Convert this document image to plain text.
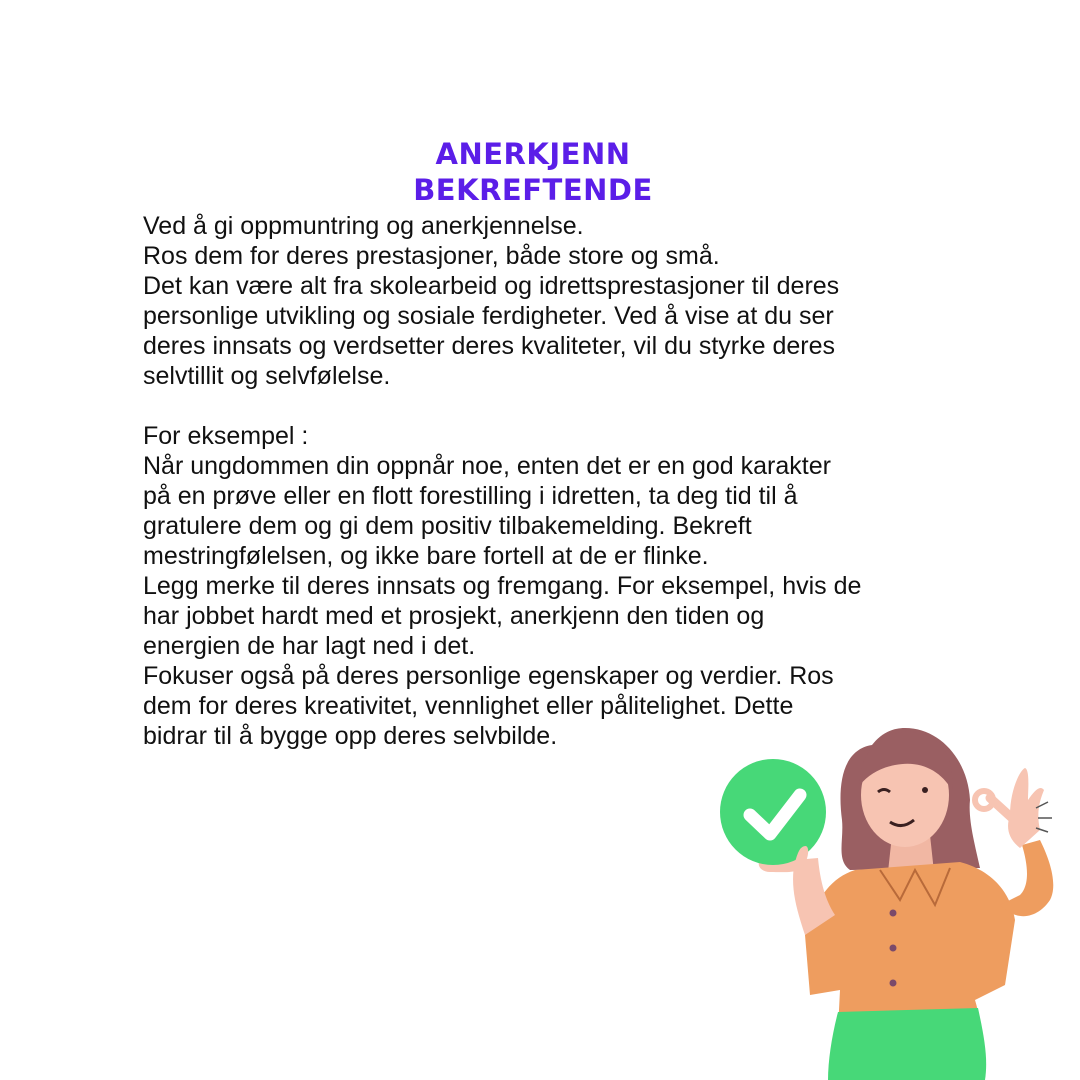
ANERKJENN
BEKREFTENDE
Ved å gi oppmuntring og anerkjennelse.
Ros dem for deres prestasjoner, både store og små.
Det kan være alt fra skolearbeid og idrettsprestasjoner til deres
personlige utvikling og sosiale ferdigheter. Ved å vise at du ser
deres innsats og verdsetter deres kvaliteter, vil du styrke deres
selvtillit og selvfølelse.
For eksempel :
Når ungdommen din oppnår noe, enten det er en god karakter
på en prøve eller en flott forestilling i idretten, ta deg tid til å
gratulere dem og gi dem positiv tilbakemelding. Bekreft
mestringfølelsen, og ikke bare fortell at de er flinke.
Legg merke til deres innsats og fremgang. For eksempel, hvis de
har jobbet hardt med et prosjekt, anerkjenn den tiden og
energien de har lagt ned i det.
Fokuser også på deres personlige egenskaper og verdier. Ros
dem for deres kreativitet, vennlighet eller pålitelighet. Dette
bidrar til å bygge opp deres selvbilde.
